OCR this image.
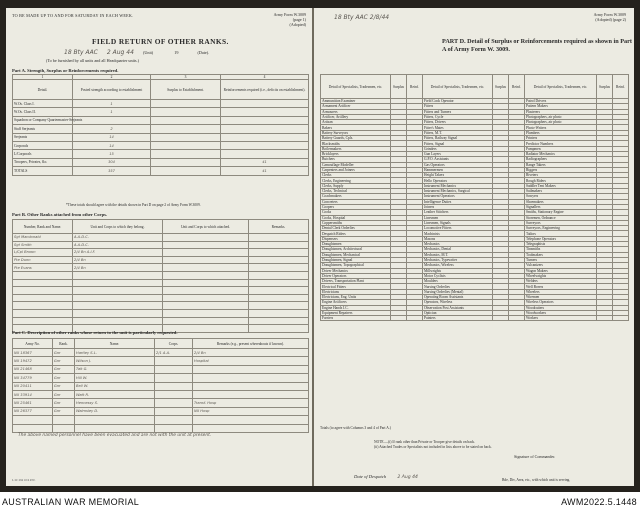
TO BE MADE UP TO AND FOR SATURDAY IN EACH WEEK.	Army Form W.3009
(page 1)
(Adopted)
FIELD RETURN OF OTHER RANKS.
18 Bty AAC 2 Aug 44 (Unit)	19	(Date).
(To be furnished by all units and all Headquarter units.)
Part A. Strength, Surplus or Reinforcements required.
1	2	3	4
Detail.	Posted strength according to establishment	Surplus to Establishment.	Reinforcements required (i.e., deficits on establishment).
W.Os. Class I.	1		
W.Os. Class II.	1		
Squadron or Company Quartermaster-Serjeants			
Staff Serjeants	2		
Serjeants	14		
Corporals	14		
L/Corporals	15		
Troopers, Privates, &c.	304		41
TOTALS	357		41
*These totals should agree with the details shown in Part D on page 2 of Army Form W.3009.
Part B. Other Ranks attached from other Corps.
Number, Rank and Name.	Unit and Corps to which they belong.	Unit and Corps to which attached.	Remarks.
Sgt Macdonald	A.A.D.C.		
Sgt Smith	A.A.D.C.		
L/Cpl Brown	2/4 Bn A.I.F.		
Pte Dunn	2/4 Bn		
Pte Evans	2/4 Bn		

Part C. Description of other ranks whose return to the unit is particularly requested.
Army No.	Rank.	Name.	Corps.	Remarks (e.g., present whereabouts if known).
NX 18367	Gnr	Hartley S.L.	2/1 A.A.	2/4 Bn
NX 19472	Gnr	Wilson J.		Hospital
NX 21468	Gnr	Tait G.		
NX 34779	Gnr	Hill W.		
NX 20411	Gnr	Bell W.		
NX 33914	Gnr	Watt R.		
NX 25461	Gnr	Hennessy S.		Transf. Hosp
NX 26377	Gnr	Walmsley D.		NX Hosp

The above named personnel have been evacuated and are not with the unit at present.
L.W. 294 10/4 P.W.
18 Bty AAC 2/8/44	Army Form W.3009
(Adopted) (page 2)
PART D. Detail of Surplus or Reinforcements required as shown in Part A of Army Form W. 3009.
Detail of Specialists, Tradesmen, etc.	Surplus	Reinf.	Detail of Specialists, Tradesmen, etc.	Surplus	Reinf.	Detail of Specialists, Tradesmen, etc.	Surplus	Reinf.
Ammunition Examiner			Field Cook Operator			Patrol Drivers		
Armament Artificer			Fitters			Pattern Makers		
Armourers			Fitters and Turners			Plasterers		
Artificer, Artillery			Fitters, Cycle			Photographers, air photo		
Artisan			Fitters, Drivers			Photographers, air photo		
Bakers			Fitter's Mates			Photo-Writers		
Battery Surveyors			Fitters, M.T.			Plumbers		
Battery Guards, Cpls.			Fitters, Railway Signal			Printers		
Blacksmiths			Fitters, Signal			Predictor Numbers		
Boilermakers			Grinders			Pumpmen		
Bricklayers			Gun Layers			Radiator Mechanics		
Butchers			G.P.O. Assistants			Radiographers		
Camouflage Modeller			Gas Operators			Range Takers		
Carpenters and Joiners			Hammermen			Riggers		
Clerks			Height Takers			Riveters		
Clerks, Engineering			Hello Operators			Rough Riders		
Clerks, Supply			Instrument Mechanics			Saddler Tent Makers		
Clerks, Technical			Instrument Mechanics, Surgical			Sailmakers		
Coachmakers			Instrument Operators			Sawyers		
Concreters			Intelligence Duties			Shoemakers		
Coopers			Joiners			Signallers		
Cooks			Leather Stitchers			Smiths, Stationary Engine		
Cooks, Hospital			Linesmen			Storemen, Ordnance		
Coppersmiths			Linesmen, Signals			Surveyors		
Dental Clerk Orderlies			Locomotive Fitters			Surveyors, Engineering		
Despatch Riders			Machinists			Tailors		
Dispensers			Masons			Telephone Operators		
Draughtsmen			Mechanics			Telegraphists		
Draughtsmen, Architectural			Mechanics, Dental			Tinsmiths		
Draughtsmen, Mechanical			Mechanics, M.T.			Toolmakers		
Draughtsmen, Signal			Mechanics, Typewriter			Turners		
Draughtsmen, Topographical			Mechanics, Wireless			Vulcanizers		
Driver Mechanics			Millwrights			Wagon Makers		
Driver Operators			Motor Cyclists			Wheelwrights		
Drivers, Transportation Plant			Moulders			Welders		
Electrical Fitters			Nursing Orderlies			Well Borers		
Electricians			Nursing Orderlies (Mental)			Wheelers		
Electricians, Eng. Units			Operating Room Assistants			Wiremen		
Engine Artificers			Operators, Wireless			Wireless Operators		
Engine Hands I.C.			Observation Post Assistants			Woodcutters		
Equipment Repairers			Optician			Woodworkers		
Farriers			Painters			Workers		
Totals (to agree with Columns 3 and 4 of Part A.)
NOTE.—(i) If rank other than Private or Trooper give details on back.
(ii) Attached Trades or Specialists not included in lists above to be stated on back.
Signature of Commander.
Date of Despatch 2 Aug 44	Bde, Div, Area, etc., with which unit is serving.
AUSTRALIAN WAR MEMORIAL	AWM2022.5.1448
